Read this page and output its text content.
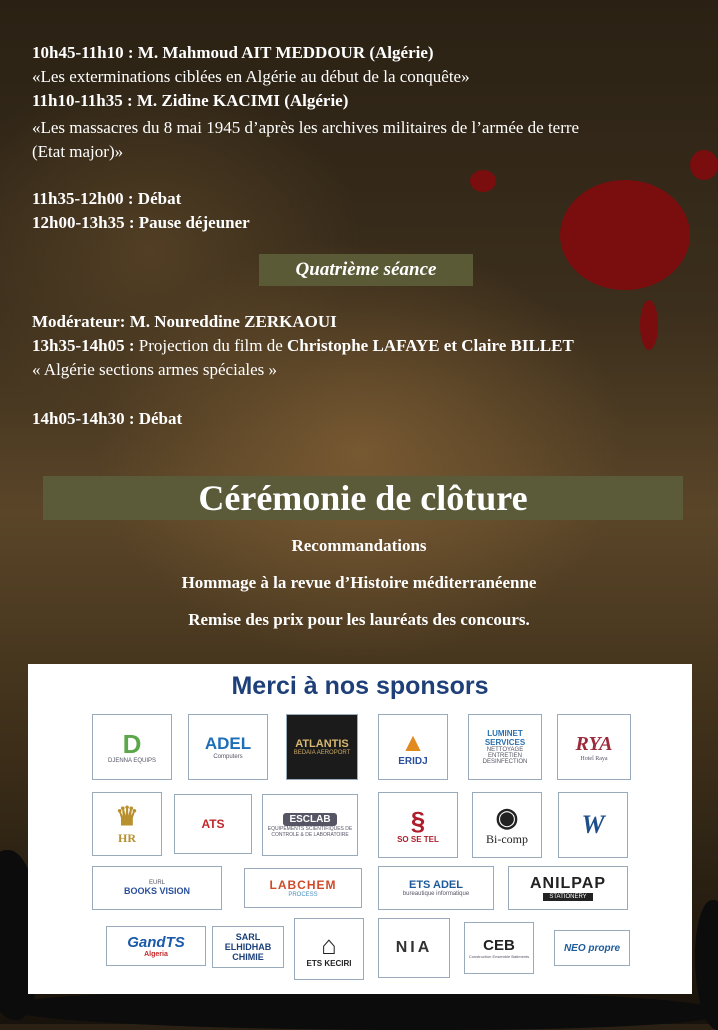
10h45-11h10 : M. Mahmoud AIT MEDDOUR (Algérie)
«Les exterminations ciblées en Algérie au début de la conquête»
11h10-11h35 : M. Zidine KACIMI (Algérie)
«Les massacres du 8 mai 1945 d’après les archives militaires de l’armée de terre
(Etat major)»
11h35-12h00 : Débat
12h00-13h35 : Pause déjeuner
Quatrième séance
Modérateur: M. Noureddine ZERKAOUI
13h35-14h05 : Projection du film de Christophe LAFAYE et Claire BILLET
« Algérie sections armes spéciales »
14h05-14h30 : Débat
Cérémonie de clôture
Recommandations
Hommage à la revue d’Histoire méditerranéenne
Remise des prix pour les lauréats des concours.
Merci à nos sponsors
D
DJENNA EQUIPS
ADEL
Computers
ATLANTIS
BEDAIA AEROPORT ▲
ERIDJ
LUMINET SERVICES
NETTOYAGE ENTRETIEN DESINFECTION
RYA
Hotel Raya
♛
HR
ATS	ESCLAB
EQUIPEMENTS SCIENTIFIQUES DE CONTROLE & DE LABORATOIRE	§
SO SE TEL
◉
Bi-comp W
EURL
BOOKS VISION	LABCHEM
PROCESS
ETS ADEL
bureautique informatique
ANILPAP
STATIONERY
GandTS
Algeria
SARL ELHIDHAB CHIMIE	⌂
ETS KECIRI
NIA	CEB
Construction Ensemble Batiments
NEO propre
